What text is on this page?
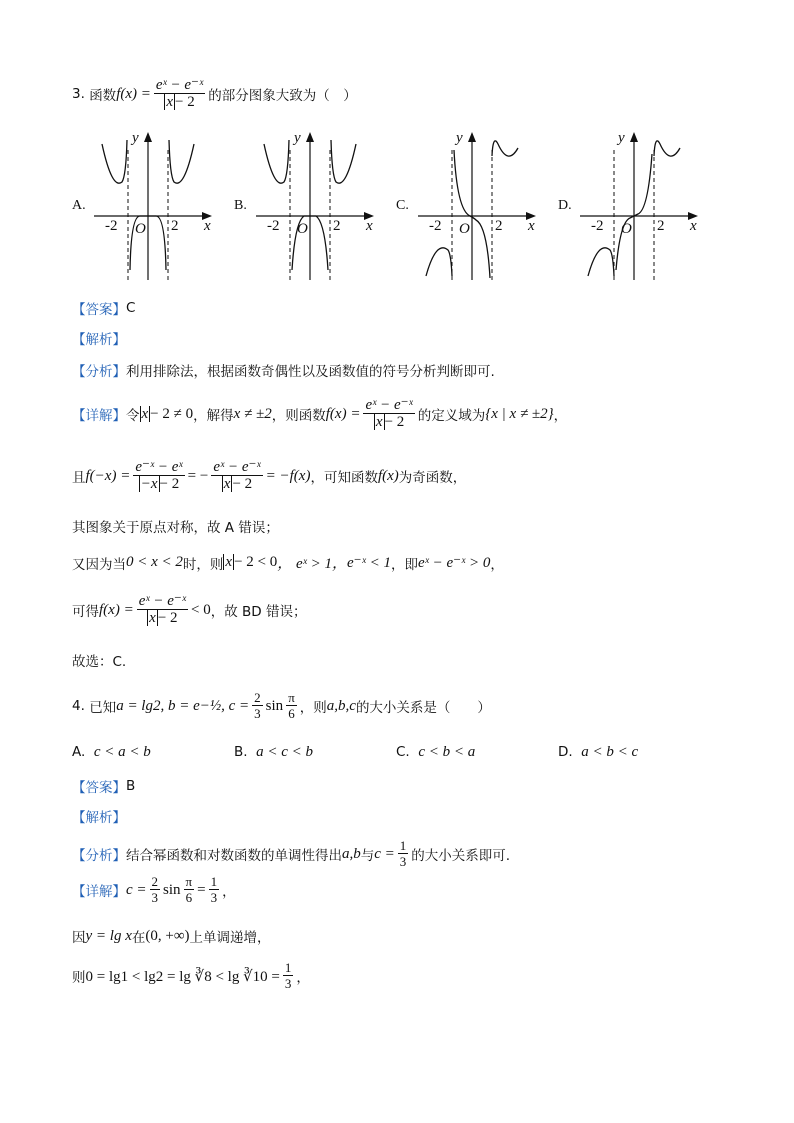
3.
函数 $f(x) = \frac{\text{eˣ − e⁻ˣ}}{x - 2}$ 的部分图象大致为（　）
A.	B.	C.	D.
y
x
O
-2	2
y
x
O
-2	2
y
x
O
-2	2
y
x
O
-2	2
【答案】 C
【解析】
【分析】 利用排除法，根据函数奇偶性以及函数值的符号分析判断即可.
【详解】 令 x − 2 ≠ 0 ，解得 x ≠ ±2 ，则函数 $f(x) = \frac{\text{eˣ − e⁻ˣ}}{x - 2}$ 的定义域为 {x | x ≠ ±2} ，
且 $f(-x) = \frac{\text{e⁻ˣ − eˣ}}{-x - 2}$ = − $\frac{\text{eˣ − e⁻ˣ}}{x - 2} = -f(x)$ ，可知函数 f(x) 为奇函数，
其图象关于原点对称，故 A 错误；
又因为当 0 < x < 2 时，则 x − 2 < 0 ， eˣ > 1， e⁻ˣ < 1 ，即 eˣ − e⁻ˣ > 0 ，
可得 $f(x) = \frac{\text{eˣ − e⁻ˣ}}{x - 2} < 0$ ，故 BD 错误；
故选：C.
4.
已知 a = lg2, b = e −½ , $c = \frac{2}{3}$ $\sin \frac{\pi}{6}$ ，则 a,b,c 的大小关系是（　　）
A. c < a < b	B. a < c < b	C. c < b < a	D. a < b < c
【答案】 B
【解析】
【分析】 结合幂函数和对数函数的单调性得出 a,b 与 $c = \frac{1}{3}$ 的大小关系即可.
【详解】 $c = \frac{2}{3}$ $\sin \frac{\pi}{6} = \frac{1}{3}$ ，
因 y = lg x 在 (0, +∞) 上单调递增，
则 0 = lg1 < lg2 = lg ∛8 < lg ∛10 = $\frac{1}{3}$ ，
